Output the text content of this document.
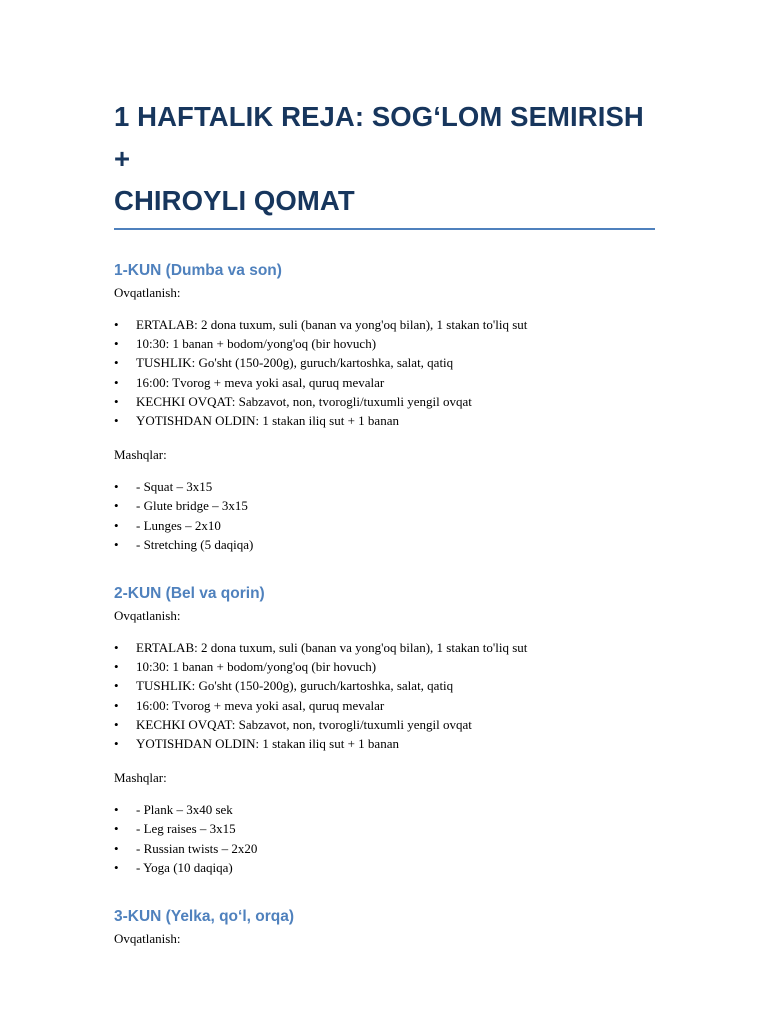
1 HAFTALIK REJA: SOG‘LOM SEMIRISH +
CHIROYLI QOMAT
1-KUN (Dumba va son)

Ovqatlanish:

• ERTALAB: 2 dona tuxum, suli (banan va yong'oq bilan), 1 stakan to'liq sut
• 10:30: 1 banan + bodom/yong'oq (bir hovuch)
• TUSHLIK: Go'sht (150-200g), guruch/kartoshka, salat, qatiq
• 16:00: Tvorog + meva yoki asal, quruq mevalar
• KECHKI OVQAT: Sabzavot, non, tvorogli/tuxumli yengil ovqat
• YOTISHDAN OLDIN: 1 stakan iliq sut + 1 banan

Mashqlar:

• - Squat – 3x15
• - Glute bridge – 3x15
• - Lunges – 2x10
• - Stretching (5 daqiqa)
2-KUN (Bel va qorin)

Ovqatlanish:

• ERTALAB: 2 dona tuxum, suli (banan va yong'oq bilan), 1 stakan to'liq sut
• 10:30: 1 banan + bodom/yong'oq (bir hovuch)
• TUSHLIK: Go'sht (150-200g), guruch/kartoshka, salat, qatiq
• 16:00: Tvorog + meva yoki asal, quruq mevalar
• KECHKI OVQAT: Sabzavot, non, tvorogli/tuxumli yengil ovqat
• YOTISHDAN OLDIN: 1 stakan iliq sut + 1 banan

Mashqlar:

• - Plank – 3x40 sek
• - Leg raises – 3x15
• - Russian twists – 2x20
• - Yoga (10 daqiqa)
3-KUN (Yelka, qo‘l, orqa)

Ovqatlanish:
